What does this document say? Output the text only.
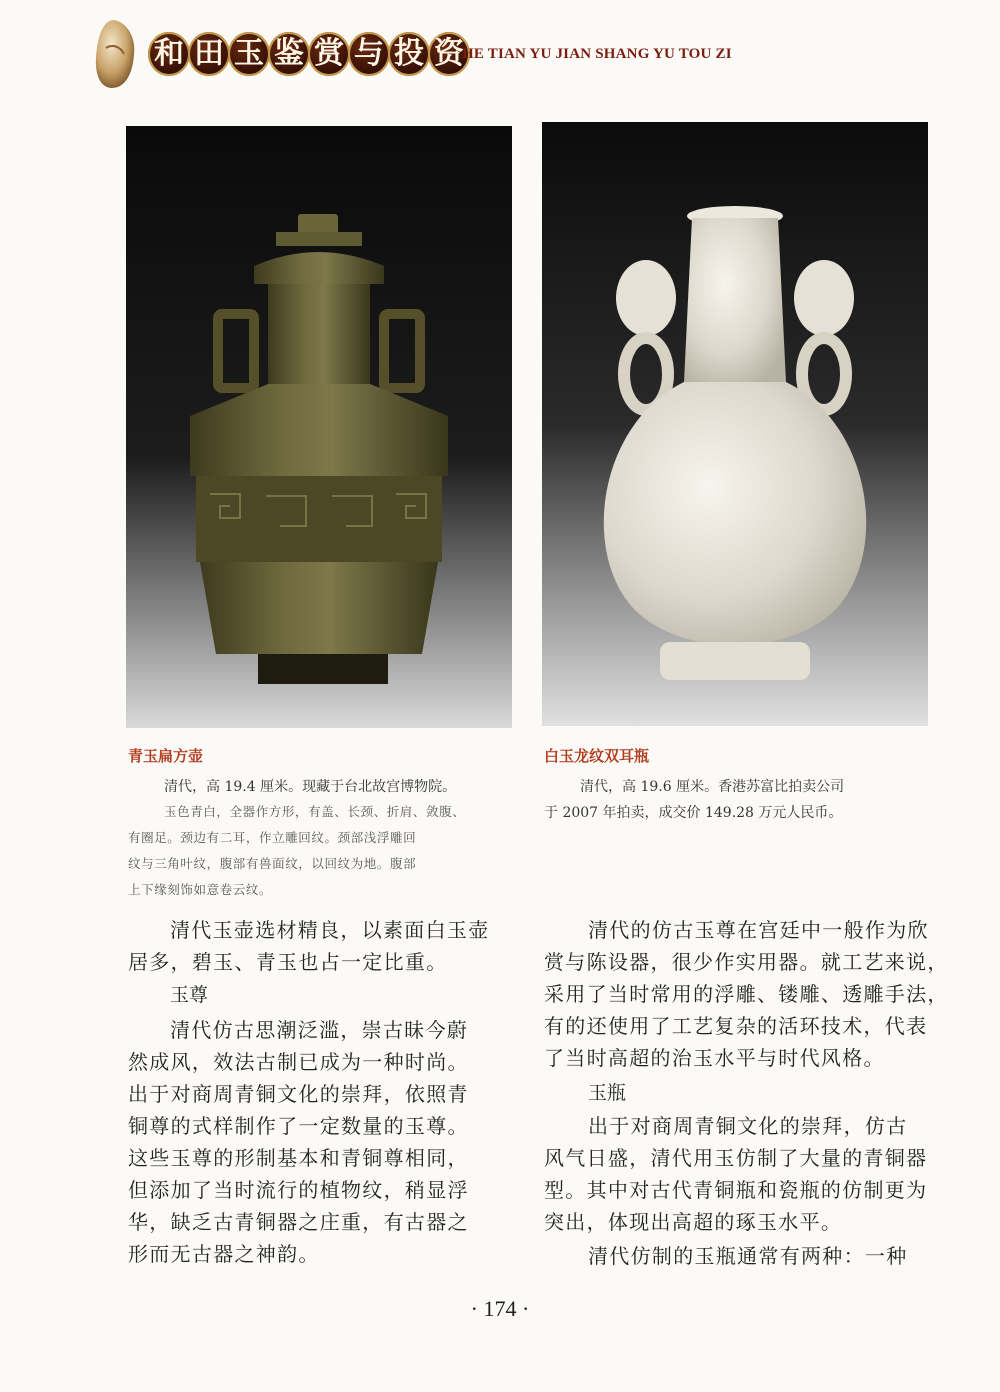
和 田 玉 鉴 赏 与 投 资
HE TIAN YU JIAN SHANG YU TOU ZI
青玉扁方壶
清代，高 19.4 厘米。现藏于台北故宫博物院。
玉色青白，全器作方形，有盖、长颈、折肩、敛腹、
有圈足。颈边有二耳，作立雕回纹。颈部浅浮雕回
纹与三角叶纹，腹部有兽面纹，以回纹为地。腹部
上下缘刻饰如意卷云纹。
白玉龙纹双耳瓶
清代，高 19.6 厘米。香港苏富比拍卖公司
于 2007 年拍卖，成交价 149.28 万元人民币。
清代玉壶选材精良，以素面白玉壶
居多，碧玉、青玉也占一定比重。
玉尊
清代仿古思潮泛滥，崇古昧今蔚
然成风，效法古制已成为一种时尚。
出于对商周青铜文化的崇拜，依照青
铜尊的式样制作了一定数量的玉尊。
这些玉尊的形制基本和青铜尊相同，
但添加了当时流行的植物纹，稍显浮
华，缺乏古青铜器之庄重，有古器之
形而无古器之神韵。
清代的仿古玉尊在宫廷中一般作为欣
赏与陈设器，很少作实用器。就工艺来说，
采用了当时常用的浮雕、镂雕、透雕手法，
有的还使用了工艺复杂的活环技术，代表
了当时高超的治玉水平与时代风格。
玉瓶
出于对商周青铜文化的崇拜，仿古
风气日盛，清代用玉仿制了大量的青铜器
型。其中对古代青铜瓶和瓷瓶的仿制更为
突出，体现出高超的琢玉水平。
清代仿制的玉瓶通常有两种：一种
· 174 ·
